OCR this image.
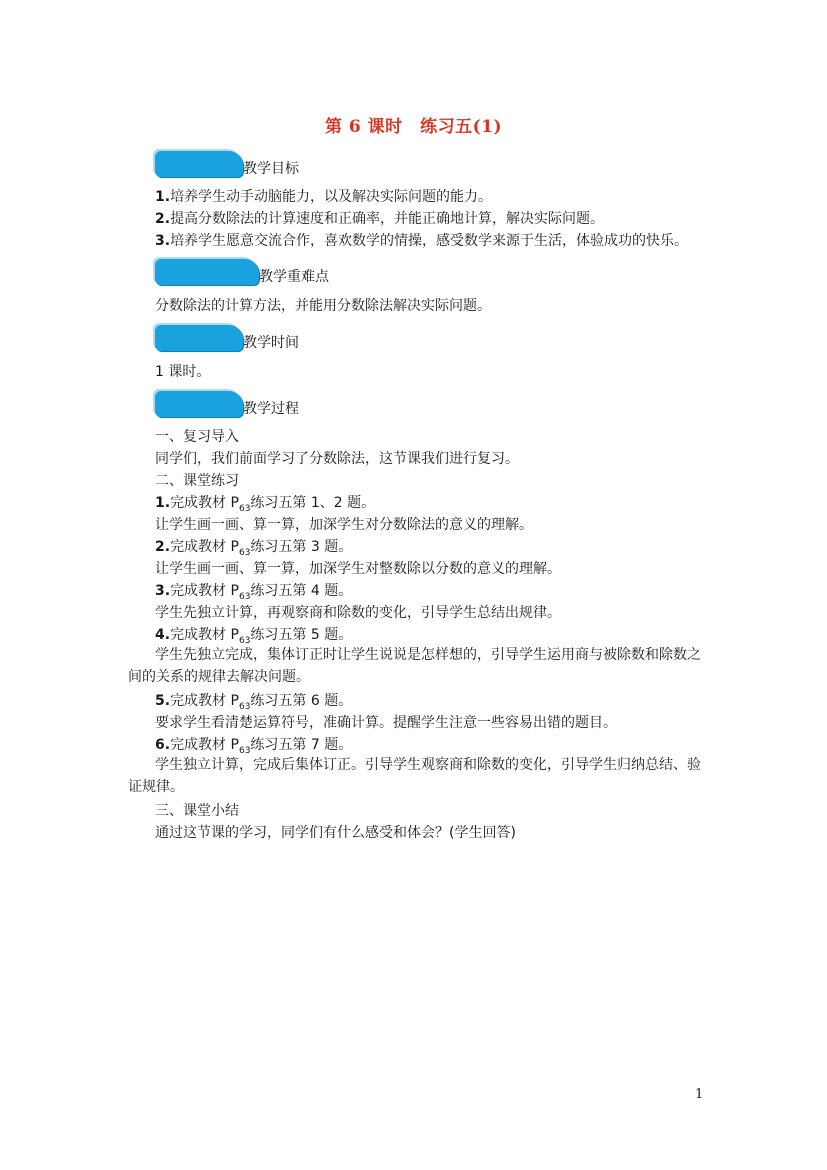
第 6 课时　练习五(1)
教学目标
1.培养学生动手动脑能力，以及解决实际问题的能力。
2.提高分数除法的计算速度和正确率，并能正确地计算，解决实际问题。
3.培养学生愿意交流合作，喜欢数学的情操，感受数学来源于生活，体验成功的快乐。
教学重难点
分数除法的计算方法，并能用分数除法解决实际问题。
教学时间
1 课时。
教学过程
一、复习导入
同学们，我们前面学习了分数除法，这节课我们进行复习。
二、课堂练习
1.完成教材 $P_{63}$练习五第 1、2 题。
让学生画一画、算一算，加深学生对分数除法的意义的理解。
2.完成教材 $P_{63}$练习五第 3 题。
让学生画一画、算一算，加深学生对整数除以分数的意义的理解。
3.完成教材 $P_{63}$练习五第 4 题。
学生先独立计算，再观察商和除数的变化，引导学生总结出规律。
4.完成教材 $P_{63}$练习五第 5 题。
学生先独立完成，集体订正时让学生说说是怎样想的，引导学生运用商与被除数和除数之间的关系的规律去解决问题。
5.完成教材 $P_{63}$练习五第 6 题。
要求学生看清楚运算符号，准确计算。提醒学生注意一些容易出错的题目。
6.完成教材 $P_{63}$练习五第 7 题。
学生独立计算，完成后集体订正。引导学生观察商和除数的变化，引导学生归纳总结、验证规律。
三、课堂小结
通过这节课的学习，同学们有什么感受和体会？(学生回答)
1
